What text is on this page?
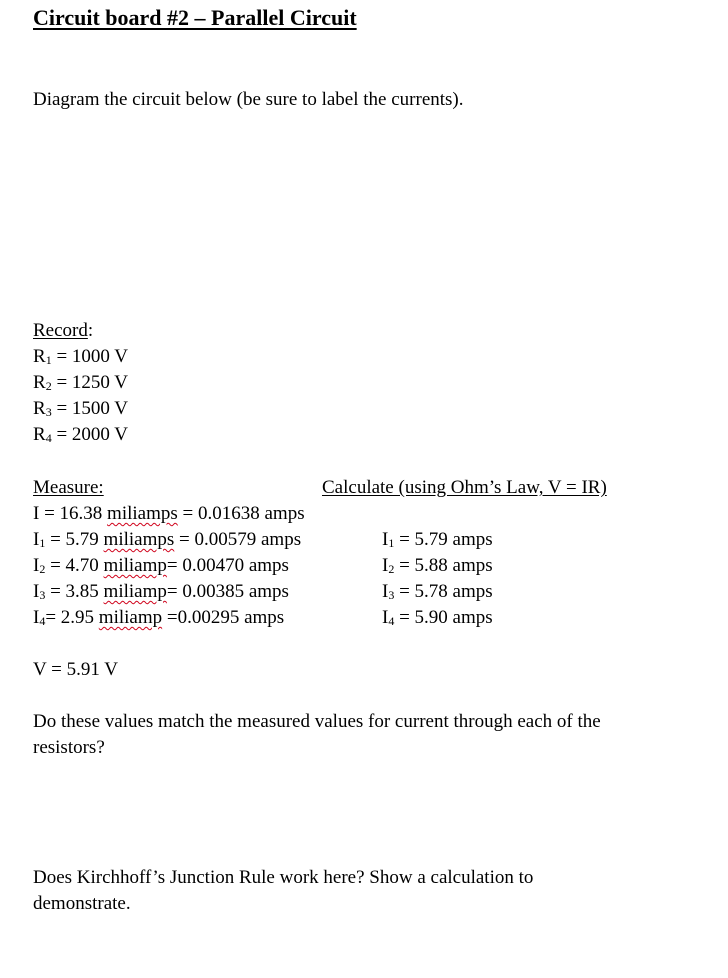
Circuit board #2 – Parallel Circuit
Diagram the circuit below (be sure to label the currents).
Record:
$R_1 = 1000$ V
$R_2 = 1250$ V
$R_3 = 1500$ V
$R_4 = 2000$ V
Measure:
I = 16.38 miliamps = 0.01638 amps
$I_1 = 5.79$ miliamps = 0.00579 amps
$I_2 = 4.70$ miliamp= 0.00470 amps
$I_3 = 3.85$ miliamp= 0.00385 amps
$I_4= 2.95$ miliamp =0.00295 amps
Calculate (using Ohm’s Law, V = IR)
$I_1 = 5.79$ amps
$I_2 = 5.88$ amps
$I_3 = 5.78$ amps
$I_4 = 5.90$ amps
V = 5.91 V
Do these values match the measured values for current through each of the
resistors?
Does Kirchhoff’s Junction Rule work here? Show a calculation to
demonstrate.
